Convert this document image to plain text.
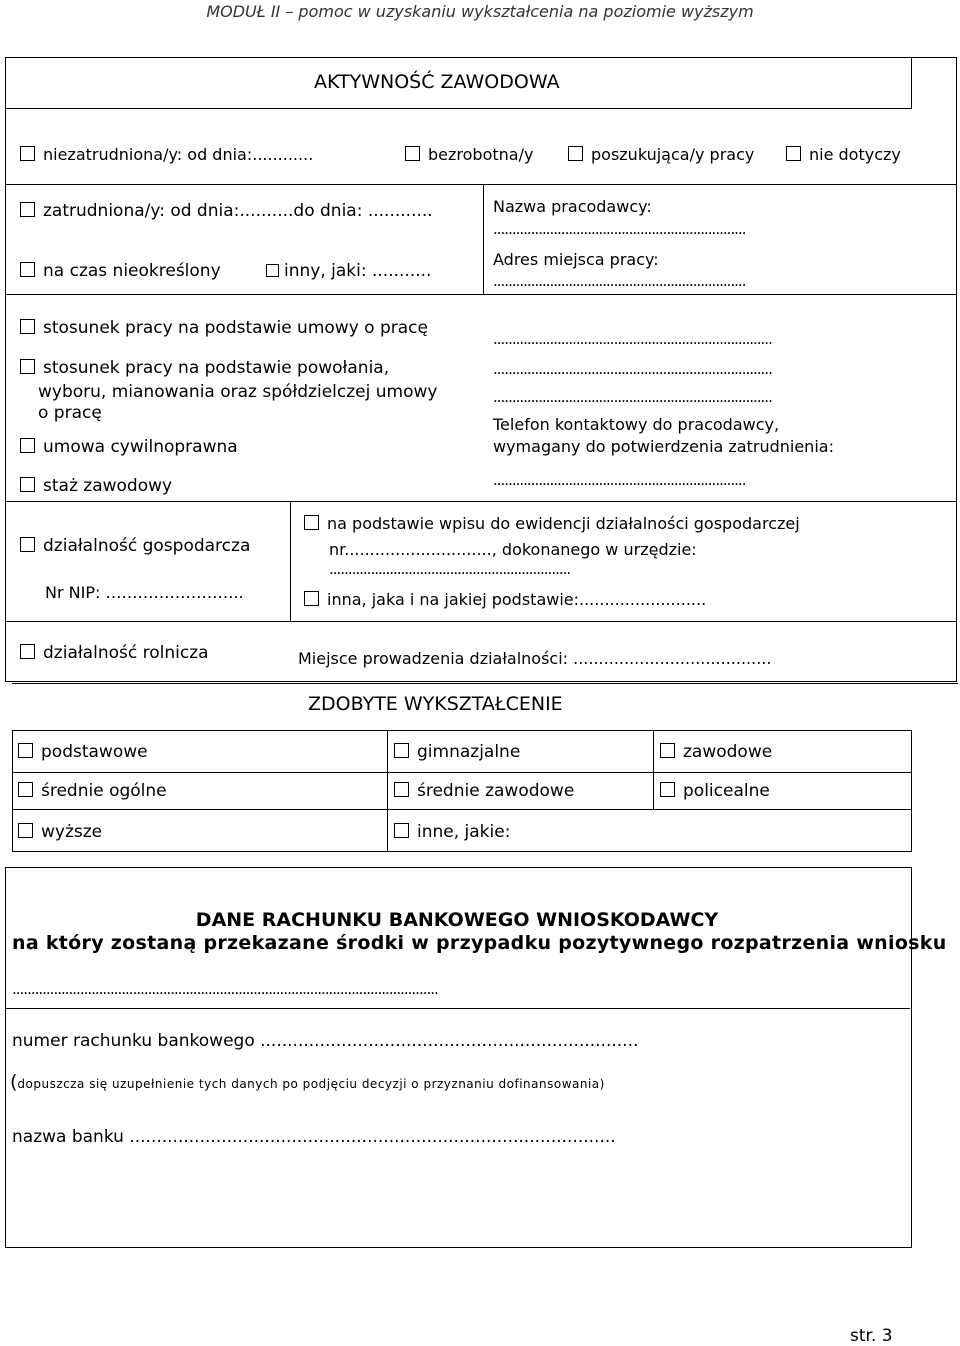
MODUŁ II – pomoc w uzyskaniu wykształcenia na poziomie wyższym
AKTYWNOŚĆ ZAWODOWA
niezatrudniona/y: od dnia:............	bezrobotna/y	poszukująca/y pracy	nie dotyczy
zatrudniona/y: od dnia:..........do dnia: ............
na czas nieokreślony	inny, jaki: ...........
Nazwa pracodawcy:
...................................................................
Adres miejsca pracy:
...................................................................
stosunek pracy na podstawie umowy o pracę
stosunek pracy na podstawie powołania,
wyboru, mianowania oraz spółdzielczej umowy
o pracę
umowa cywilnoprawna
staż zawodowy
..........................................................................
..........................................................................
..........................................................................
Telefon kontaktowy do pracodawcy,
wymagany do potwierdzenia zatrudnienia:
...................................................................
działalność gospodarcza
Nr NIP: ……………………..
na podstawie wpisu do ewidencji działalności gospodarczej
nr............................., dokonanego w urzędzie:
................................................................
inna, jaka i na jakiej podstawie:.........................
działalność rolnicza	Miejsce prowadzenia działalności: .......................................
ZDOBYTE WYKSZTAŁCENIE
podstawowe	gimnazjalne	zawodowe
średnie ogólne	średnie zawodowe	policealne
wyższe	inne, jakie:
DANE RACHUNKU BANKOWEGO WNIOSKODAWCY
na który zostaną przekazane środki w przypadku pozytywnego rozpatrzenia wniosku
.................................................................................................................
numer rachunku bankowego ......................................................................
(dopuszcza się uzupełnienie tych danych po podjęciu decyzji o przyznaniu dofinansowania)
nazwa banku ..........................................................................................
str. 3
